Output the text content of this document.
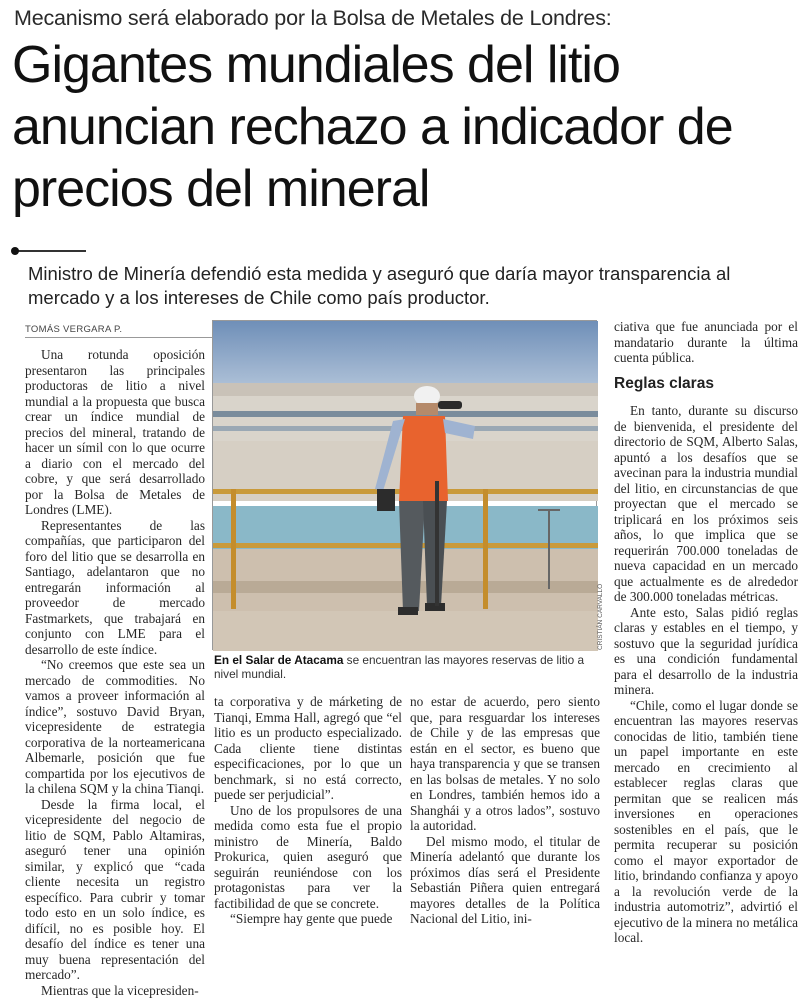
Mecanismo será elaborado por la Bolsa de Metales de Londres:
Gigantes mundiales del litio anuncian rechazo a indicador de precios del mineral
Ministro de Minería defendió esta medida y aseguró que daría mayor transparencia al mercado y a los intereses de Chile como país productor.
TOMÁS VERGARA P.

Una rotunda oposición presentaron las principales productoras de litio a nivel mundial a la propuesta que busca crear un índice mundial de precios del mineral, tratando de hacer un símil con lo que ocurre a diario con el mercado del cobre, y que será desarrollado por la Bolsa de Metales de Londres (LME).

Representantes de las compañías, que participaron del foro del litio que se desarrolla en Santiago, adelantaron que no entregarán información al proveedor de mercado Fastmarkets, que trabajará en conjunto con LME para el desarrollo de este índice.

“No creemos que este sea un mercado de commodities. No vamos a proveer información al índice”, sostuvo David Bryan, vicepresidente de estrategia corporativa de la norteamericana Albemarle, posición que fue compartida por los ejecutivos de la chilena SQM y la china Tianqi.

Desde la firma local, el vicepresidente del negocio de litio de SQM, Pablo Altamiras, aseguró tener una opinión similar, y explicó que “cada cliente necesita un registro específico. Para cubrir y tomar todo esto en un solo índice, es difícil, no es posible hoy. El desafío del índice es tener una muy buena representación del mercado”.

Mientras que la vicepresiden-

CRISTIÁN CARVALLO
En el Salar de Atacama se encuentran las mayores reservas de litio a nivel mundial.

ta corporativa y de márketing de Tianqi, Emma Hall, agregó que “el litio es un producto especializado. Cada cliente tiene distintas especificaciones, por lo que un benchmark, si no está correcto, puede ser perjudicial”.

Uno de los propulsores de una medida como esta fue el propio ministro de Minería, Baldo Prokurica, quien aseguró que seguirán reuniéndose con los protagonistas para ver la factibilidad de que se concrete.

“Siempre hay gente que puede

no estar de acuerdo, pero siento que, para resguardar los intereses de Chile y de las empresas que están en el sector, es bueno que haya transparencia y que se transen en las bolsas de metales. Y no solo en Londres, también hemos ido a Shanghái y a otros lados”, sostuvo la autoridad.

Del mismo modo, el titular de Minería adelantó que durante los próximos días será el Presidente Sebastián Piñera quien entregará mayores detalles de la Política Nacional del Litio, ini-

ciativa que fue anunciada por el mandatario durante la última cuenta pública.

Reglas claras

En tanto, durante su discurso de bienvenida, el presidente del directorio de SQM, Alberto Salas, apuntó a los desafíos que se avecinan para la industria mundial del litio, en circunstancias de que proyectan que el mercado se triplicará en los próximos seis años, lo que implica que se requerirán 700.000 toneladas de nueva capacidad en un mercado que actualmente es de alrededor de 300.000 toneladas métricas.

Ante esto, Salas pidió reglas claras y estables en el tiempo, y sostuvo que la seguridad jurídica es una condición fundamental para el desarrollo de la industria minera.

“Chile, como el lugar donde se encuentran las mayores reservas conocidas de litio, también tiene un papel importante en este mercado en crecimiento al establecer reglas claras que permitan que se realicen más inversiones en operaciones sostenibles en el país, que le permita recuperar su posición como el mayor exportador de litio, brindando confianza y apoyo a la revolución verde de la industria automotriz”, advirtió el ejecutivo de la minera no metálica local.
